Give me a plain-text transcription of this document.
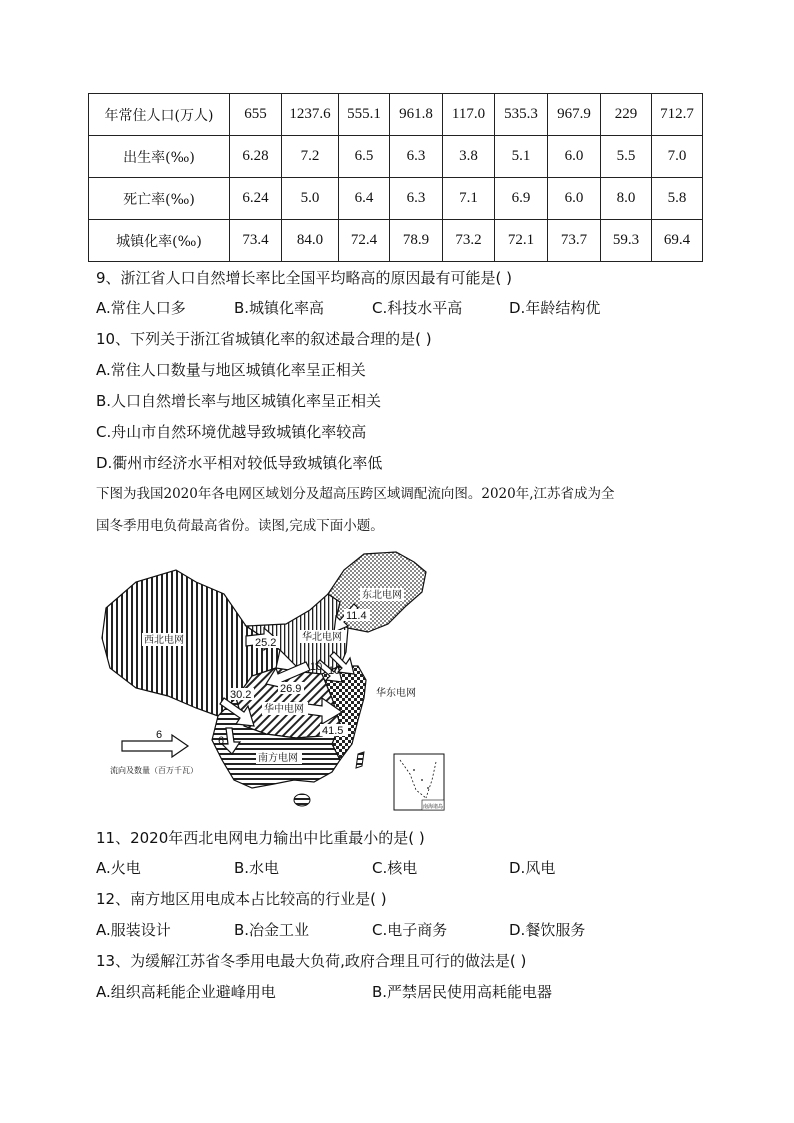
年常住人口(万人)	655	1237.6	555.1	961.8	117.0	535.3	967.9	229	712.7
出生率(‰)	6.28	7.2	6.5	6.3	3.8	5.1	6.0	5.5	7.0
死亡率(‰)	6.24	5.0	6.4	6.3	7.1	6.9	6.0	8.0	5.8
城镇化率(‰)	73.4	84.0	72.4	78.9	73.2	72.1	73.7	59.3	69.4
9、浙江省人口自然增长率比全国平均略高的原因最有可能是( )
A.常住人口多	B.城镇化率高	C.科技水平高	D.年龄结构优
10、下列关于浙江省城镇化率的叙述最合理的是( )
A.常住人口数量与地区城镇化率呈正相关
B.人口自然增长率与地区城镇化率呈正相关
C.舟山市自然环境优越导致城镇化率较高
D.衢州市经济水平相对较低导致城镇化率低
下图为我国2020年各电网区域划分及超高压跨区域调配流向图。2020年,江苏省成为全
国冬季用电负荷最高省份。读图,完成下面小题。
西北电网
东北电网
华北电网
华东电网
华中电网
南方电网
11.4
25.2
26.9
30.2
10 10
41.5
6
6
流向及数量（百万千瓦）
南海诸岛
11、2020年西北电网电力输出中比重最小的是( )
A.火电	B.水电	C.核电	D.风电
12、南方地区用电成本占比较高的行业是( )
A.服装设计	B.冶金工业	C.电子商务	D.餐饮服务
13、为缓解江苏省冬季用电最大负荷,政府合理且可行的做法是( )
A.组织高耗能企业避峰用电	B.严禁居民使用高耗能电器
